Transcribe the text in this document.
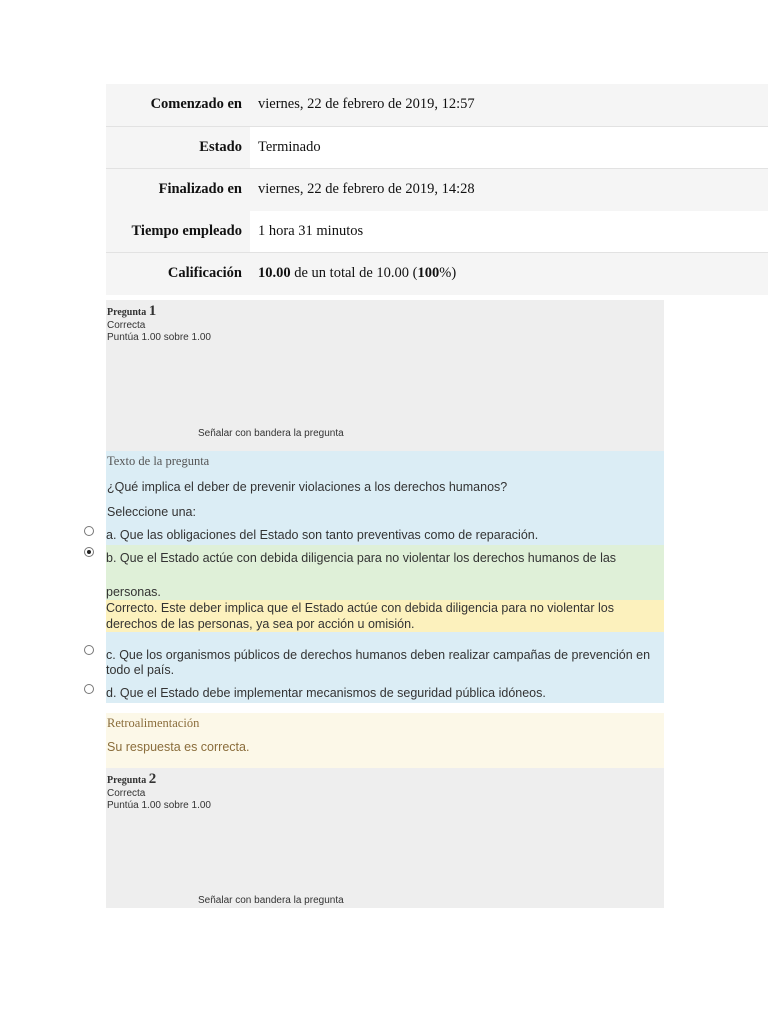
Comenzado en	viernes, 22 de febrero de 2019, 12:57
Estado	Terminado
Finalizado en	viernes, 22 de febrero de 2019, 14:28
Tiempo empleado	1 hora 31 minutos
Calificación	10.00 de un total de 10.00 (100%)
Pregunta 1
Correcta
Puntúa 1.00 sobre 1.00
Señalar con bandera la pregunta
Texto de la pregunta
¿Qué implica el deber de prevenir violaciones a los derechos humanos?
Seleccione una:
a. Que las obligaciones del Estado son tanto preventivas como de reparación.
b. Que el Estado actúe con debida diligencia para no violentar los derechos humanos de las
personas.
Correcto. Este deber implica que el Estado actúe con debida diligencia para no violentar los derechos de las personas, ya sea por acción u omisión.
c. Que los organismos públicos de derechos humanos deben realizar campañas de prevención en todo el país.
d. Que el Estado debe implementar mecanismos de seguridad pública idóneos.
Retroalimentación
Su respuesta es correcta.
Pregunta 2
Correcta
Puntúa 1.00 sobre 1.00
Señalar con bandera la pregunta
